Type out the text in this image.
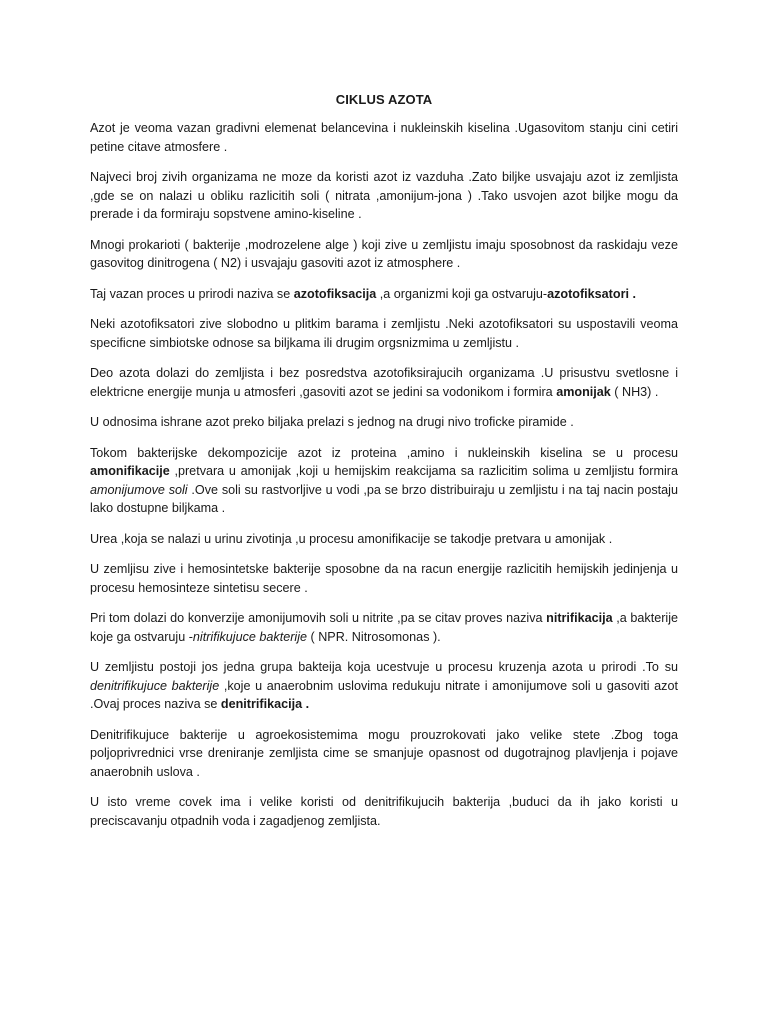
CIKLUS AZOTA

Azot je veoma vazan gradivni elemenat belancevina i nukleinskih kiselina .Ugasovitom stanju cini cetiri petine citave atmosfere .

Najveci broj zivih organizama ne moze da koristi azot iz vazduha .Zato biljke usvajaju azot iz zemljista ,gde se on nalazi u obliku razlicitih soli ( nitrata ,amonijum-jona ) .Tako usvojen azot biljke mogu da prerade i da formiraju sopstvene amino-kiseline .

Mnogi prokarioti ( bakterije ,modrozelene alge ) koji zive u zemljistu imaju sposobnost da raskidaju veze gasovitog dinitrogena ( N2) i usvajaju gasoviti azot iz atmosphere .

Taj vazan proces u prirodi naziva se azotofiksacija ,a organizmi koji ga ostvaruju-azotofiksatori .

Neki azotofiksatori zive slobodno u plitkim barama i zemljistu .Neki azotofiksatori su uspostavili veoma specificne simbiotske odnose sa biljkama ili drugim orgsnizmima u zemljistu .

Deo azota dolazi do zemljista i bez posredstva azotofiksirajucih organizama .U prisustvu svetlosne i elektricne energije munja u atmosferi ,gasoviti azot se jedini sa vodonikom i formira amonijak ( NH3) .

U odnosima ishrane azot preko biljaka prelazi s jednog na drugi nivo troficke piramide .

Tokom bakterijske dekompozicije azot iz proteina ,amino i nukleinskih kiselina se u procesu amonifikacije ,pretvara u amonijak ,koji u hemijskim reakcijama sa razlicitim solima u zemljistu formira amonijumove soli .Ove soli su rastvorljive u vodi ,pa se brzo distribuiraju u zemljistu i na taj nacin postaju lako dostupne biljkama .

Urea ,koja se nalazi u urinu zivotinja ,u procesu amonifikacije se takodje pretvara u amonijak .

U zemljisu zive i hemosintetske bakterije sposobne da na racun energije razlicitih hemijskih jedinjenja u procesu hemosinteze sintetisu secere .

Pri tom dolazi do konverzije amonijumovih soli u nitrite ,pa se citav proves naziva nitrifikacija ,a bakterije koje ga ostvaruju -nitrifikujuce bakterije ( NPR. Nitrosomonas ).

U zemljistu postoji jos jedna grupa bakteija koja ucestvuje u procesu kruzenja azota u prirodi .To su denitrifikujuce bakterije ,koje u anaerobnim uslovima redukuju nitrate i amonijumove soli u gasoviti azot .Ovaj proces naziva se denitrifikacija .

Denitrifikujuce bakterije u agroekosistemima mogu prouzrokovati jako velike stete .Zbog toga poljoprivrednici vrse dreniranje zemljista cime se smanjuje opasnost od dugotrajnog plavljenja i pojave anaerobnih uslova .

U isto vreme covek ima i velike koristi od denitrifikujucih bakterija ,buduci da ih jako koristi u preciscavanju otpadnih voda i zagadjenog zemljista.
